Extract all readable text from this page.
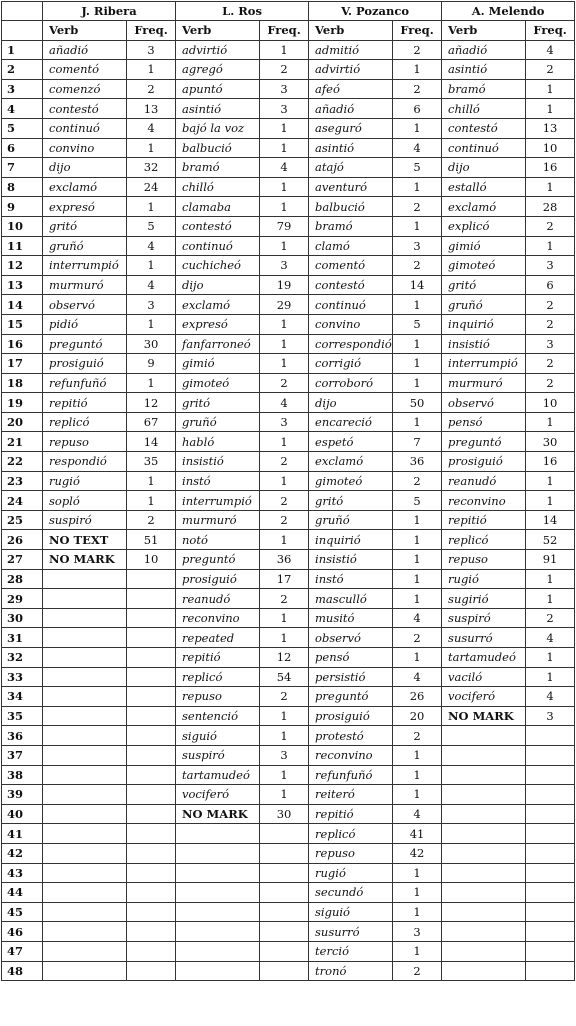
	J. Ribera		L. Ros		V. Pozanco		A. Melendo	
	Verb	Freq.	Verb	Freq.	Verb	Freq.	Verb	Freq.
1	añadió	3	advirtió	1	admitió	2	añadió	4
2	comentó	1	agregó	2	advirtió	1	asintió	2
3	comenzó	2	apuntó	3	afeó	2	bramó	1
4	contestó	13	asintió	3	añadió	6	chilló	1
5	continuó	4	bajó la voz	1	aseguró	1	contestó	13
6	convino	1	balbució	1	asintió	4	continuó	10
7	dijo	32	bramó	4	atajó	5	dijo	16
8	exclamó	24	chilló	1	aventuró	1	estalló	1
9	expresó	1	clamaba	1	balbució	2	exclamó	28
10	gritó	5	contestó	79	bramó	1	explicó	2
11	gruñó	4	continuó	1	clamó	3	gimió	1
12	interrumpió	1	cuchicheó	3	comentó	2	gimoteó	3
13	murmuró	4	dijo	19	contestó	14	gritó	6
14	observó	3	exclamó	29	continuó	1	gruñó	2
15	pidió	1	expresó	1	convino	5	inquirió	2
16	preguntó	30	fanfarroneó	1	correspondió	1	insistió	3
17	prosiguió	9	gimió	1	corrigió	1	interrumpió	2
18	refunfuñó	1	gimoteó	2	corroboró	1	murmuró	2
19	repitió	12	gritó	4	dijo	50	observó	10
20	replicó	67	gruñó	3	encareció	1	pensó	1
21	repuso	14	habló	1	espetó	7	preguntó	30
22	respondió	35	insistió	2	exclamó	36	prosiguió	16
23	rugió	1	instó	1	gimoteó	2	reanudó	1
24	sopló	1	interrumpió	2	gritó	5	reconvino	1
25	suspiró	2	murmuró	2	gruñó	1	repitió	14
26	NO TEXT	51	notó	1	inquirió	1	replicó	52
27	NO MARK	10	preguntó	36	insistió	1	repuso	91
28			prosiguió	17	instó	1	rugió	1
29			reanudó	2	mascullό	1	sugirió	1
30			reconvino	1	musitó	4	suspiró	2
31			repeated	1	observó	2	susurró	4
32			repitió	12	pensó	1	tartamudeó	1
33			replicó	54	persistió	4	vaciló	1
34			repuso	2	preguntó	26	vociferó	4
35			sentenció	1	prosiguió	20	NO MARK	3
36			siguió	1	protestó	2		
37			suspiró	3	reconvino	1		
38			tartamudeó	1	refunfuñó	1		
39			vociferó	1	reiteró	1		
40			NO MARK	30	repitió	4		
41					replicó	41		
42					repuso	42		
43					rugió	1		
44					secundó	1		
45					siguió	1		
46					susurró	3		
47					terció	1		
48					tronó	2		
